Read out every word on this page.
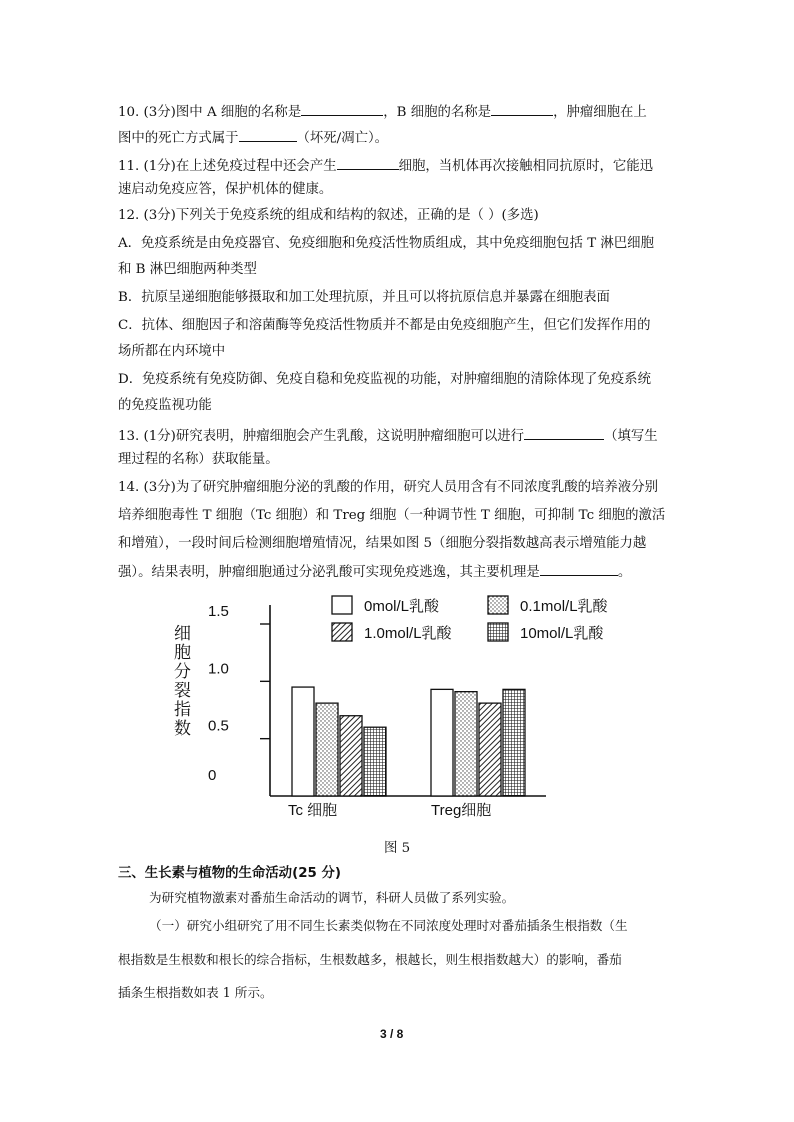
10. (3分)图中 A 细胞的名称是	，B 细胞的名称是	，肿瘤细胞在上
图中的死亡方式属于	（坏死/凋亡）。
11. (1分)在上述免疫过程中还会产生	细胞，当机体再次接触相同抗原时，它能迅
速启动免疫应答，保护机体的健康。
12. (3分)下列关于免疫系统的组成和结构的叙述，正确的是（ ）(多选)
A．免疫系统是由免疫器官、免疫细胞和免疫活性物质组成，其中免疫细胞包括 T 淋巴细胞
和 B 淋巴细胞两种类型
B．抗原呈递细胞能够摄取和加工处理抗原，并且可以将抗原信息并暴露在细胞表面
C．抗体、细胞因子和溶菌酶等免疫活性物质并不都是由免疫细胞产生，但它们发挥作用的
场所都在内环境中
D．免疫系统有免疫防御、免疫自稳和免疫监视的功能，对肿瘤细胞的清除体现了免疫系统
的免疫监视功能
13. (1分)研究表明，肿瘤细胞会产生乳酸，这说明肿瘤细胞可以进行	（填写生
理过程的名称）获取能量。
14. (3分)为了研究肿瘤细胞分泌的乳酸的作用，研究人员用含有不同浓度乳酸的培养液分别
培养细胞毒性 T 细胞（Tc 细胞）和 Treg 细胞（一种调节性 T 细胞，可抑制 Tc 细胞的激活
和增殖），一段时间后检测细胞增殖情况，结果如图 5（细胞分裂指数越高表示增殖能力越
强）。结果表明，肿瘤细胞通过分泌乳酸可实现免疫逃逸，其主要机理是	。
细
胞
分
裂
指
数
1.5
1.0
0.5
0
Tc 细胞	Treg细胞
0mol/L乳酸	0.1mol/L乳酸
1.0mol/L乳酸	10mol/L乳酸
图 5
三、生长素与植物的生命活动(25 分)
为研究植物激素对番茄生命活动的调节，科研人员做了系列实验。
（一）研究小组研究了用不同生长素类似物在不同浓度处理时对番茄插条生根指数（生
根指数是生根数和根长的综合指标，生根数越多，根越长，则生根指数越大）的影响，番茄
插条生根指数如表 1 所示。
3 / 8
